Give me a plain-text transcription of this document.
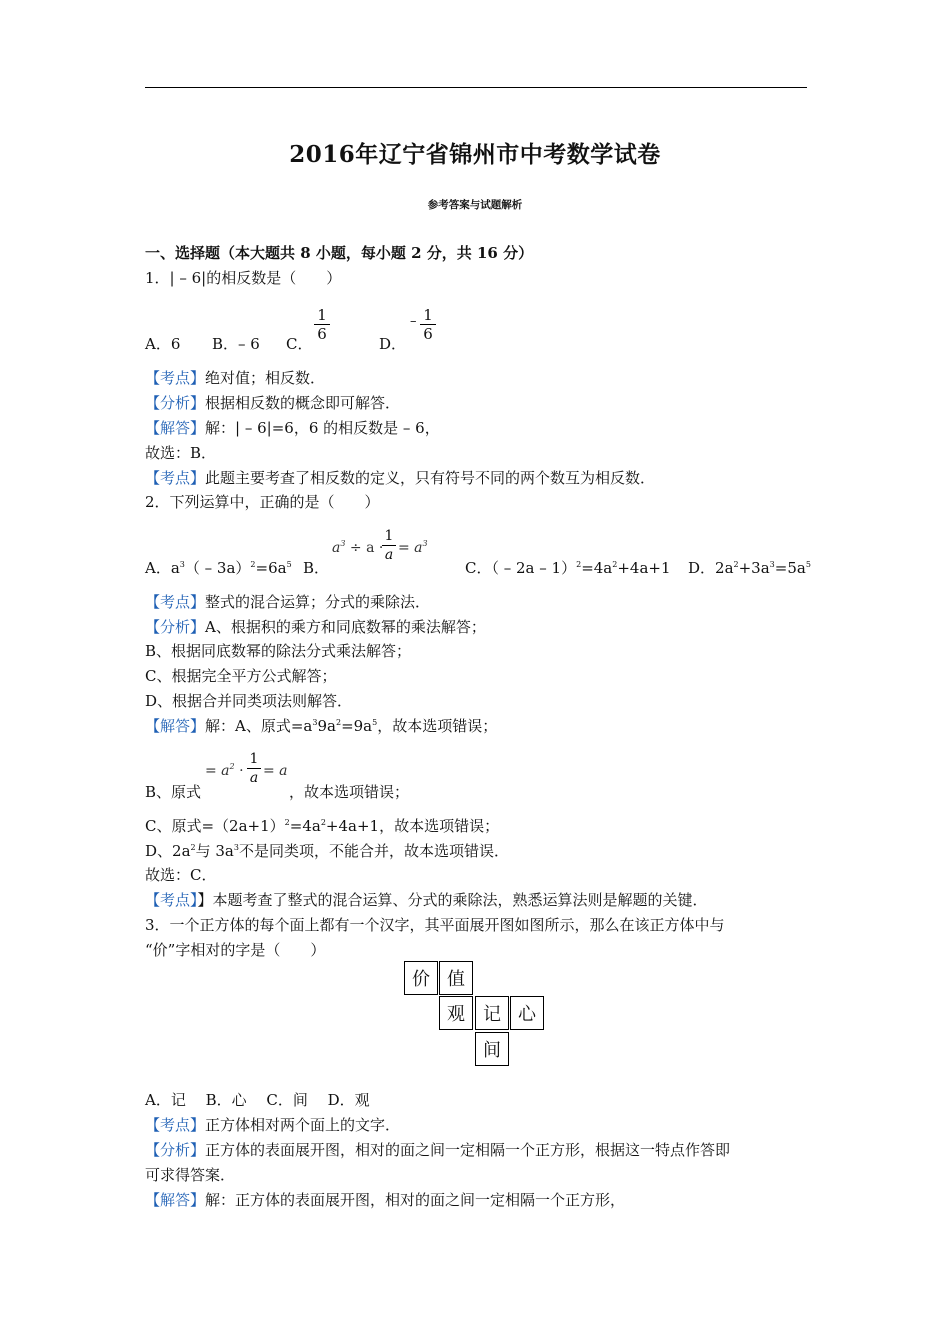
2016年辽宁省锦州市中考数学试卷
参考答案与试题解析
一、选择题（本大题共 8 小题，每小题 2 分，共 16 分）
1．| – 6|的相反数是（　　）
A．6 B．– 6 C．
1
6
D．
– 1
6
【考点】绝对值；相反数．
【分析】根据相反数的概念即可解答．
【解答】解：| – 6|=6，6 的相反数是 – 6，
故选：B．
【考点】此题主要考查了相反数的定义，只有符号不同的两个数互为相反数．
2．下列运算中，正确的是（　　）
A．$a^3( - 3a)^2=6a^5$ B．
$a^3 \div a$ ·
1
$a = a^3$
C．（ – $2a - 1)^2=4a^2+4a+1$ D．$2a^2+3a^3=5a^5$
【考点】整式的混合运算；分式的乘除法．
【分析】A、根据积的乘方和同底数幂的乘法解答；
B、根据同底数幂的除法分式乘法解答；
C、根据完全平方公式解答；
D、根据合并同类项法则解答．
【解答】解：A、原式$=a^39a^2=9a^5$，故本选项错误；
B、原式
= $a^2$ ·
1
a = a
，故本选项错误；
C、原式$=(2a+1)^2=4a^2+4a+1$，故本选项错误；
D、$2a^2$与 $3a^3$不是同类项，不能合并，故本选项错误．
故选：C．
【考点】】本题考查了整式的混合运算、分式的乘除法，熟悉运算法则是解题的关键．
3．一个正方体的每个面上都有一个汉字，其平面展开图如图所示，那么在该正方体中与
“价”字相对的字是（　　）
价 值
观	记 心
间
A．记　 B．心　 C．间　 D．观
【考点】正方体相对两个面上的文字．
【分析】正方体的表面展开图，相对的面之间一定相隔一个正方形，根据这一特点作答即
可求得答案．
【解答】解：正方体的表面展开图，相对的面之间一定相隔一个正方形，
